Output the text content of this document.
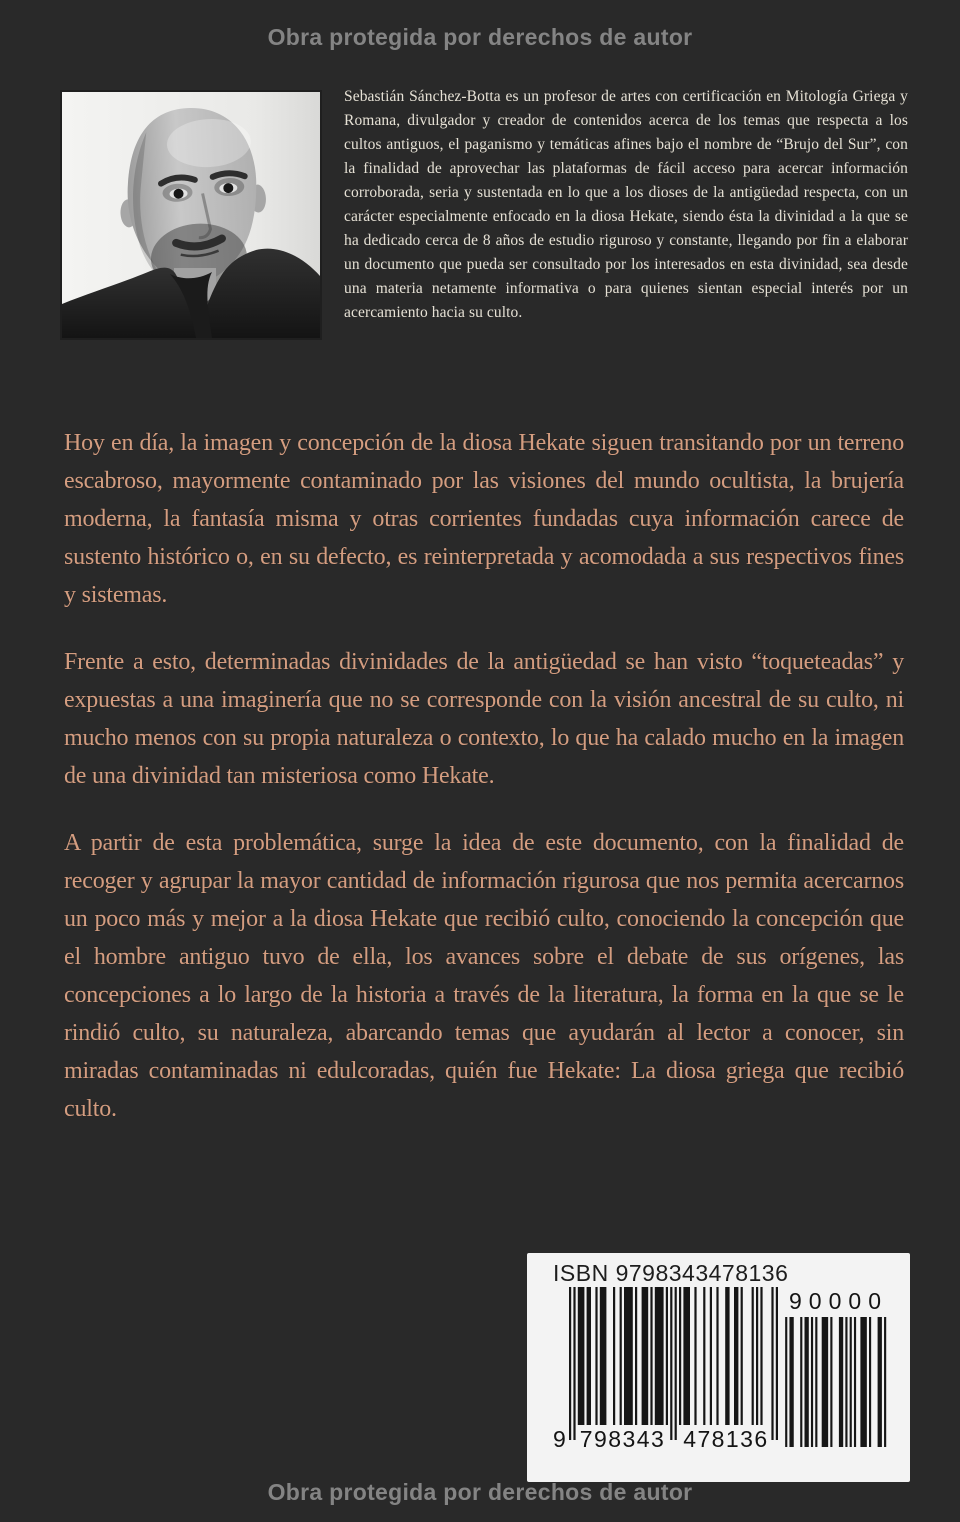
Obra protegida por derechos de autor
Sebastián Sánchez-Botta es un profesor de artes con certificación en Mitología Griega y Romana, divulgador y creador de contenidos acerca de los temas que respecta a los cultos antiguos, el paganismo y temáticas afines bajo el nombre de “Brujo del Sur”, con la finalidad de aprovechar las plataformas de fácil acceso para acercar información corroborada, seria y sustentada en lo que a los dioses de la antigüedad respecta, con un carácter especialmente enfocado en la diosa Hekate, siendo ésta la divinidad a la que se ha dedicado cerca de 8 años de estudio riguroso y constante, llegando por fin a elaborar un documento que pueda ser consultado por los interesados en esta divinidad, sea desde una materia netamente informativa o para quienes sientan especial interés por un acercamiento hacia su culto.

Hoy en día, la imagen y concepción de la diosa Hekate siguen transitando por un terreno escabroso, mayormente contaminado por las visiones del mundo ocultista, la brujería moderna, la fantasía misma y otras corrientes fundadas cuya información carece de sustento histórico o, en su defecto, es reinterpretada y acomodada a sus respectivos fines y sistemas.

Frente a esto, determinadas divinidades de la antigüedad se han visto “toqueteadas” y expuestas a una imaginería que no se corresponde con la visión ancestral de su culto, ni mucho menos con su propia naturaleza o contexto, lo que ha calado mucho en la imagen de una divinidad tan misteriosa como Hekate.

A partir de esta problemática, surge la idea de este documento, con la finalidad de recoger y agrupar la mayor cantidad de información rigurosa que nos permita acercarnos un poco más y mejor a la diosa Hekate que recibió culto, conociendo la concepción que el hombre antiguo tuvo de ella, los avances sobre el debate de sus orígenes, las concepciones a lo largo de la historia a través de la literatura, la forma en la que se le rindió culto, su naturaleza, abarcando temas que ayudarán al lector a conocer, sin miradas contaminadas ni edulcoradas, quién fue Hekate: La diosa griega que recibió culto.

ISBN 9798343478136
9 798343 478136
90000
Obra protegida por derechos de autor
